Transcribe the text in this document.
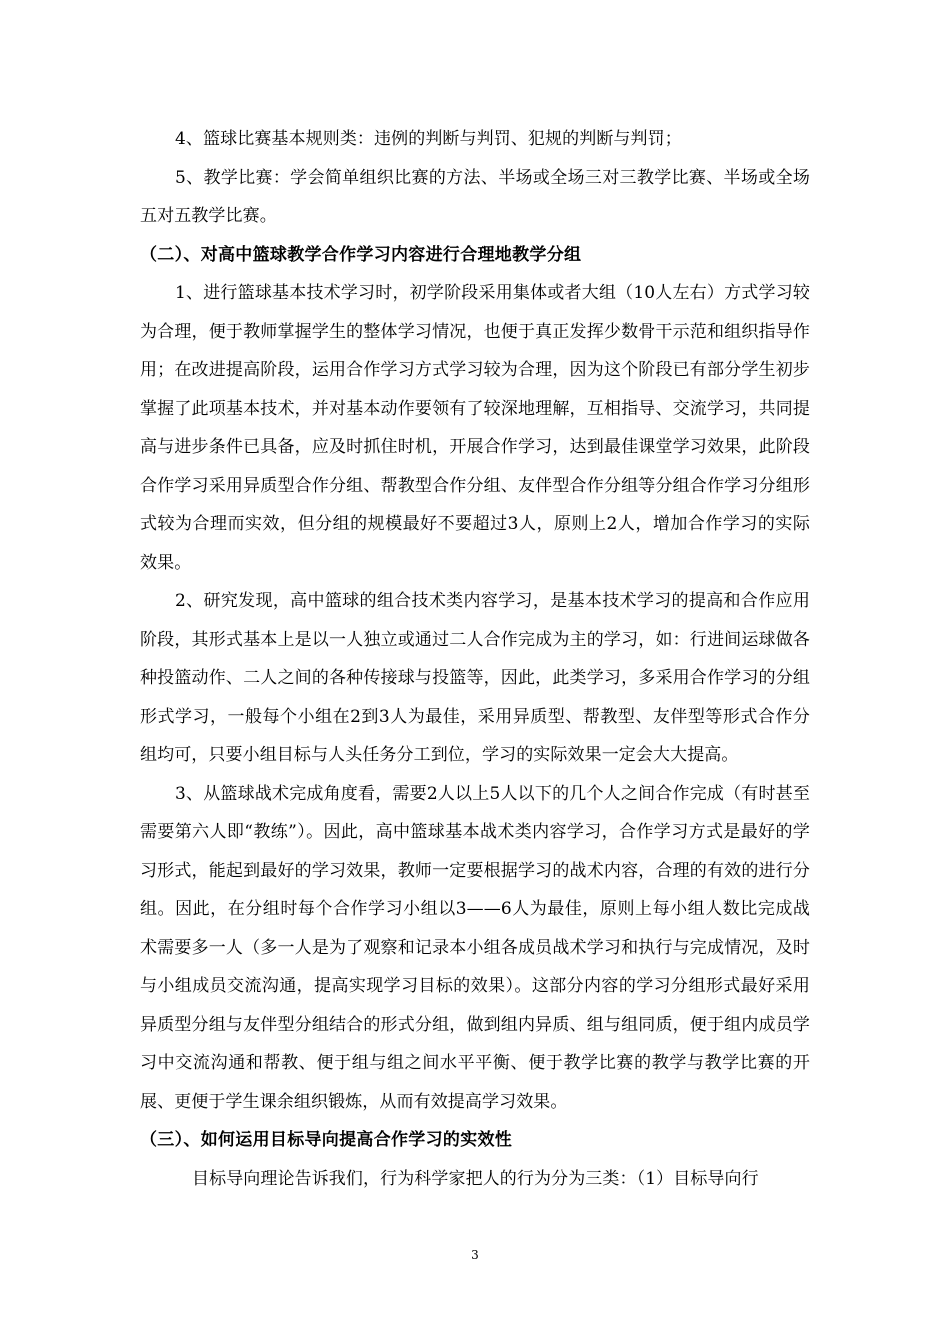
4、篮球比赛基本规则类：违例的判断与判罚、犯规的判断与判罚；

5、教学比赛：学会简单组织比赛的方法、半场或全场三对三教学比赛、半场或全场五对五教学比赛。

（二）、对高中篮球教学合作学习内容进行合理地教学分组

1、进行篮球基本技术学习时，初学阶段采用集体或者大组（10人左右）方式学习较为合理，便于教师掌握学生的整体学习情况，也便于真正发挥少数骨干示范和组织指导作用；在改进提高阶段，运用合作学习方式学习较为合理，因为这个阶段已有部分学生初步掌握了此项基本技术，并对基本动作要领有了较深地理解，互相指导、交流学习，共同提高与进步条件已具备，应及时抓住时机，开展合作学习，达到最佳课堂学习效果，此阶段合作学习采用异质型合作分组、帮教型合作分组、友伴型合作分组等分组合作学习分组形式较为合理而实效，但分组的规模最好不要超过3人，原则上2人，增加合作学习的实际效果。

2、研究发现，高中篮球的组合技术类内容学习，是基本技术学习的提高和合作应用阶段，其形式基本上是以一人独立或通过二人合作完成为主的学习，如：行进间运球做各种投篮动作、二人之间的各种传接球与投篮等，因此，此类学习，多采用合作学习的分组形式学习，一般每个小组在2到3人为最佳，采用异质型、帮教型、友伴型等形式合作分组均可，只要小组目标与人头任务分工到位，学习的实际效果一定会大大提高。

3、从篮球战术完成角度看，需要2人以上5人以下的几个人之间合作完成（有时甚至需要第六人即“教练”）。因此，高中篮球基本战术类内容学习，合作学习方式是最好的学习形式，能起到最好的学习效果，教师一定要根据学习的战术内容，合理的有效的进行分组。因此，在分组时每个合作学习小组以3——6人为最佳，原则上每小组人数比完成战术需要多一人（多一人是为了观察和记录本小组各成员战术学习和执行与完成情况，及时与小组成员交流沟通，提高实现学习目标的效果）。这部分内容的学习分组形式最好采用异质型分组与友伴型分组结合的形式分组，做到组内异质、组与组同质，便于组内成员学习中交流沟通和帮教、便于组与组之间水平平衡、便于教学比赛的教学与教学比赛的开展、更便于学生课余组织锻炼，从而有效提高学习效果。

（三）、如何运用目标导向提高合作学习的实效性

目标导向理论告诉我们，行为科学家把人的行为分为三类：（1）目标导向行

3
